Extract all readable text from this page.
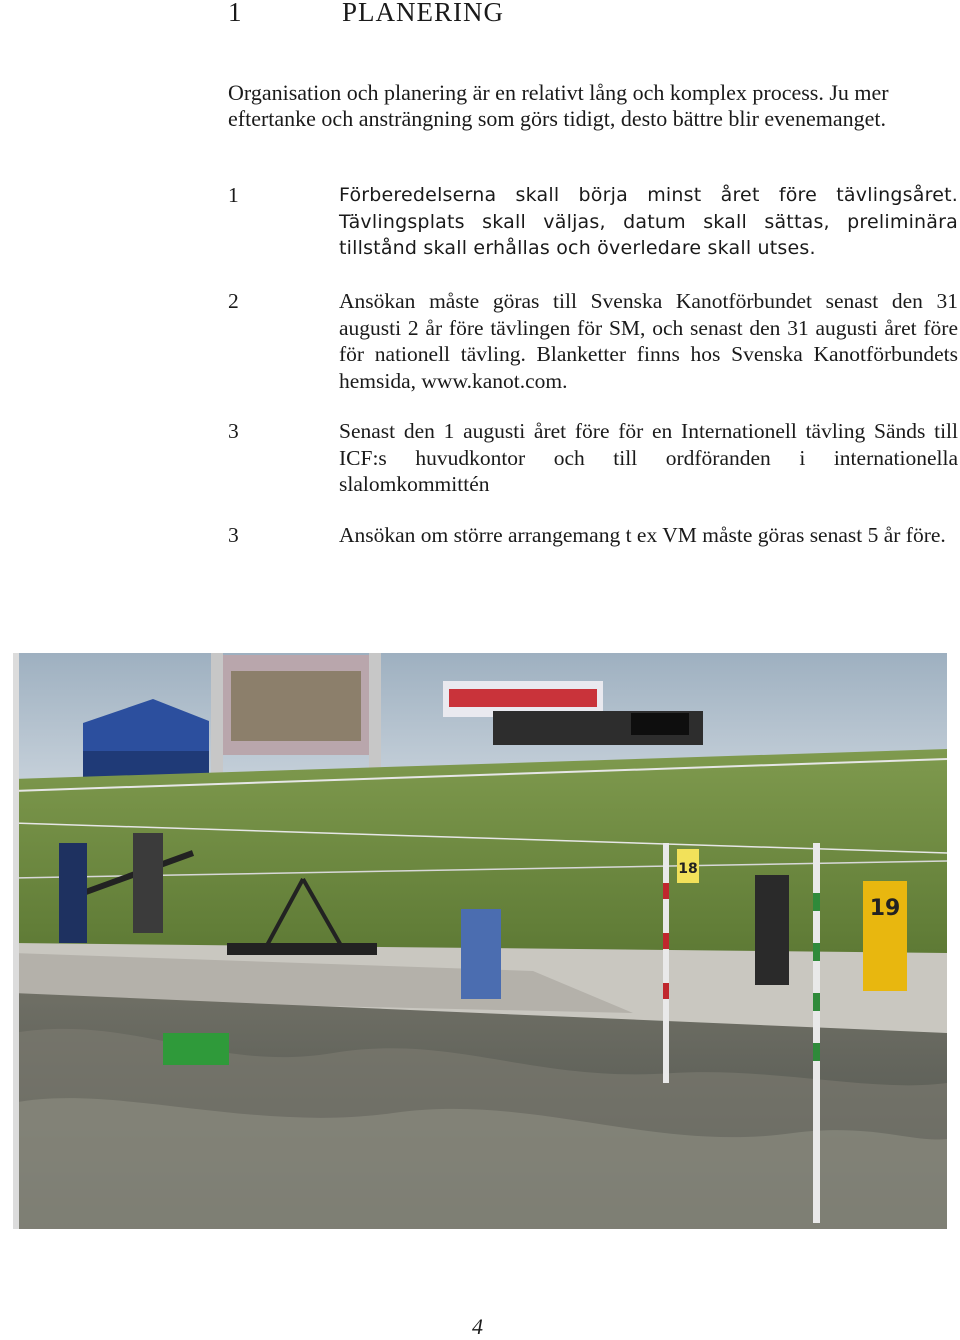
1	PLANERING
Organisation och planering är en relativt lång och komplex process. Ju mer eftertanke och ansträngning som görs tidigt, desto bättre blir evenemanget.
1	Förberedelserna skall börja minst året före tävlingsåret. Tävlingsplats skall väljas, datum skall sättas, preliminära tillstånd skall erhållas och överledare skall utses.
2	Ansökan måste göras till Svenska Kanotförbundet senast den 31 augusti 2 år före tävlingen för SM, och senast den 31 augusti året före för nationell tävling. Blanketter finns hos Svenska Kanotförbundets hemsida, www.kanot.com.
3	Senast den 1 augusti året före för en Internationell tävling Sänds till ICF:s huvudkontor och till ordföranden i internationella slalomkommittén
3	Ansökan om större arrangemang t ex VM måste göras senast 5 år före.
18
19
4
